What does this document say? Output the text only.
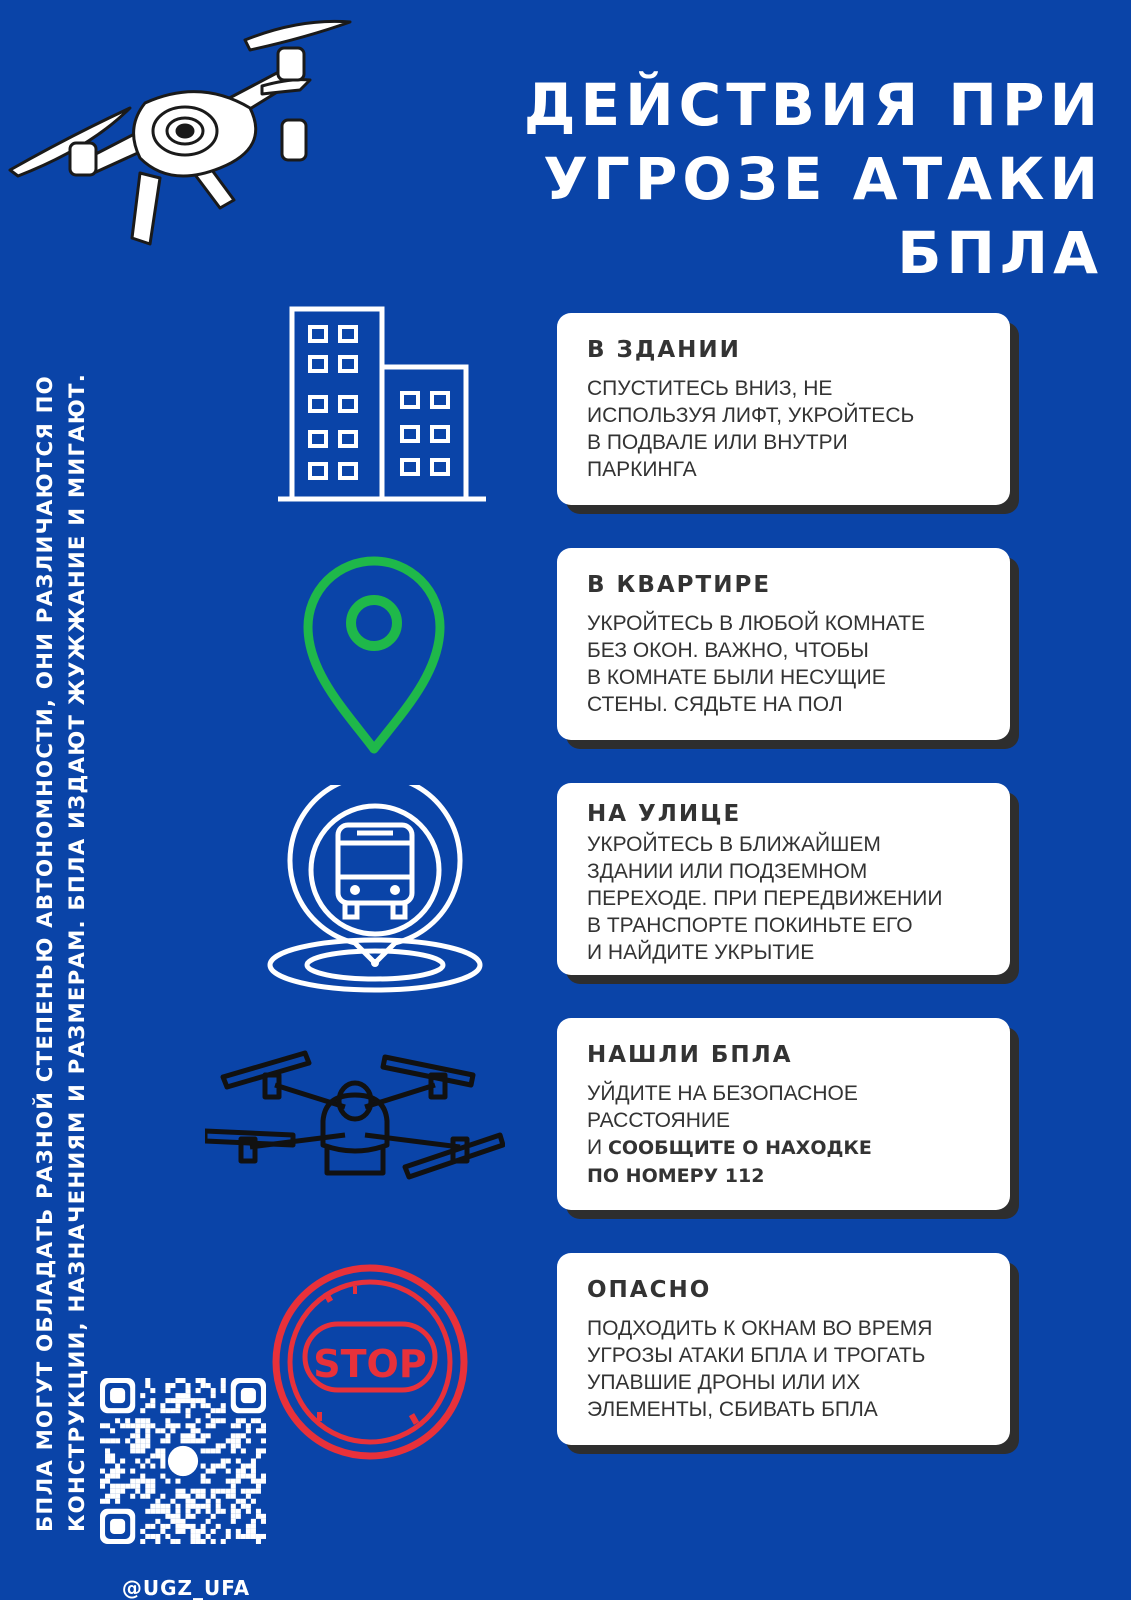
ДЕЙСТВИЯ ПРИ
УГРОЗЕ АТАКИ БПЛА
БПЛА МОГУТ ОБЛАДАТЬ РАЗНОЙ СТЕПЕНЬЮ АВТОНОМНОСТИ, ОНИ РАЗЛИЧАЮТСЯ ПО КОНСТРУКЦИИ, НАЗНАЧЕНИЯМ И РАЗМЕРАМ. БПЛА ИЗДАЮТ ЖУЖЖАНИЕ И МИГАЮТ.	STOP
В ЗДАНИИ

СПУСТИТЕСЬ ВНИЗ, НЕ
ИСПОЛЬЗУЯ ЛИФТ, УКРОЙТЕСЬ
В ПОДВАЛЕ ИЛИ ВНУТРИ
ПАРКИНГА

В КВАРТИРЕ

УКРОЙТЕСЬ В ЛЮБОЙ КОМНАТЕ
БЕЗ ОКОН. ВАЖНО, ЧТОБЫ
В КОМНАТЕ БЫЛИ НЕСУЩИЕ
СТЕНЫ. СЯДЬТЕ НА ПОЛ

НА УЛИЦЕ

УКРОЙТЕСЬ В БЛИЖАЙШЕМ
ЗДАНИИ ИЛИ ПОДЗЕМНОМ
ПЕРЕХОДЕ. ПРИ ПЕРЕДВИЖЕНИИ
В ТРАНСПОРТЕ ПОКИНЬТЕ ЕГО
И НАЙДИТЕ УКРЫТИЕ

НАШЛИ БПЛА

УЙДИТЕ НА БЕЗОПАСНОЕ
РАССТОЯНИЕ
И СООБЩИТЕ О НАХОДКЕ
ПО НОМЕРУ 112

ОПАСНО

ПОДХОДИТЬ К ОКНАМ ВО ВРЕМЯ
УГРОЗЫ АТАКИ БПЛА И ТРОГАТЬ
УПАВШИЕ ДРОНЫ ИЛИ ИХ
ЭЛЕМЕНТЫ, СБИВАТЬ БПЛА

@UGZ_UFA
